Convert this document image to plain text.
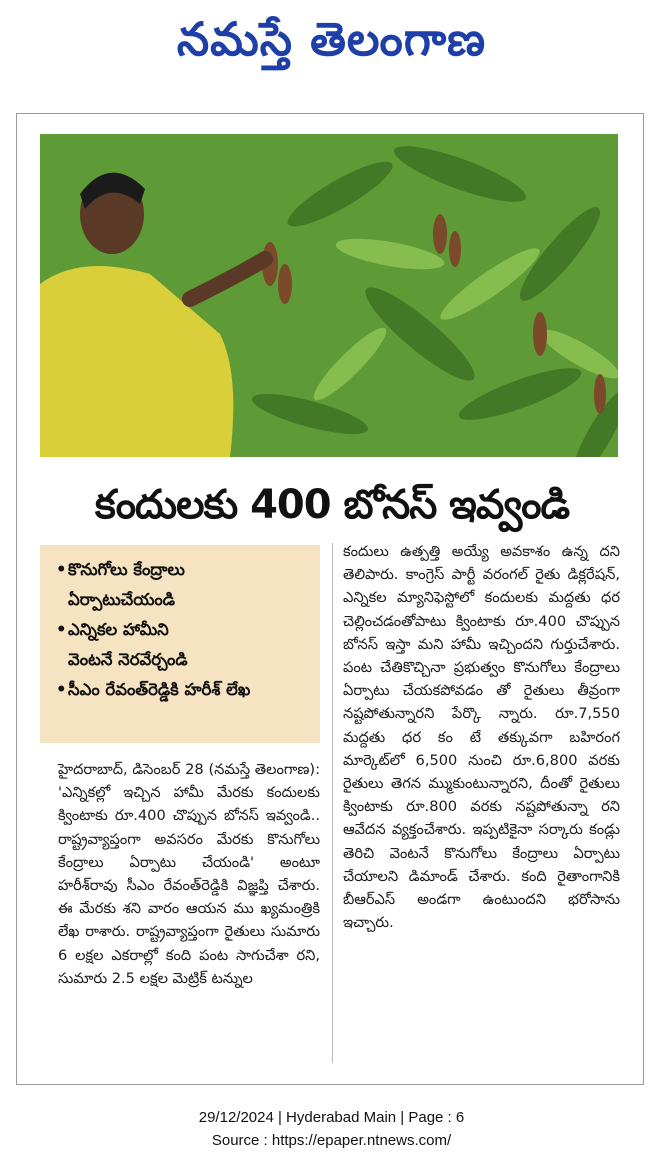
నమస్తే తెలంగాణ
కందులకు 400 బోనస్ ఇవ్వండి
• కొనుగోలు కేంద్రాలు
ఏర్పాటుచేయండి
• ఎన్నికల హామీని
వెంటనే నెరవేర్చండి
• సీఎం రేవంత్‌రెడ్డికి హరీశ్ లేఖ

హైదరాబాద్, డిసెంబర్ 28 (నమస్తే తెలంగాణ): 'ఎన్నికల్లో ఇచ్చిన హామీ మేరకు కందులకు క్వింటాకు రూ.400 చొప్పున బోనస్ ఇవ్వండి.. రాష్ట్రవ్యాప్తంగా అవసరం మేరకు కొనుగోలు కేంద్రాలు ఏర్పాటు చేయండి' అంటూ హరీశ్‌రావు సీఎం రేవంత్‌రెడ్డికి విజ్ఞప్తి చేశారు. ఈ మేరకు శని వారం ఆయన ము ఖ్యమంత్రికి లేఖ రాశారు. రాష్ట్రవ్యాప్తంగా రైతులు సుమారు 6 లక్షల ఎకరాల్లో కంది పంట సాగుచేశా రని, సుమారు 2.5 లక్షల మెట్రిక్ టన్నుల

కందులు ఉత్పత్తి అయ్యే అవకాశం ఉన్న దని తెలిపారు. కాంగ్రెస్ పార్టీ వరంగల్ రైతు డిక్లరేషన్, ఎన్నికల మ్యానిఫెస్టోలో కందులకు మద్దతు ధర చెల్లించడంతోపాటు క్వింటాకు రూ.400 చొప్పున బోనస్ ఇస్తా మని హామీ ఇచ్చిందని గుర్తుచేశారు. పంట చేతికొచ్చినా ప్రభుత్వం కొనుగోలు కేంద్రాలు ఏర్పాటు చేయకపోవడం తో రైతులు తీవ్రంగా నష్టపోతున్నారని పేర్కొ న్నారు. రూ.7,550 మద్దతు ధర కం టే తక్కువగా బహిరంగ మార్కెట్‌లో 6,500 నుంచి రూ.6,800 వరకు రైతులు తెగన మ్ముకుంటున్నారని, దీంతో రైతులు క్వింటాకు రూ.800 వరకు నష్టపోతున్నా రని ఆవేదన వ్యక్తంచేశారు. ఇప్పటికైనా సర్కారు కండ్లు తెరిచి వెంటనే కొనుగోలు కేంద్రాలు ఏర్పాటు చేయాలని డిమాండ్ చేశారు. కంది రైతాంగానికి బీఆర్ఎస్ అండగా ఉంటుందని భరోసాను ఇచ్చారు.

29/12/2024 | Hyderabad Main | Page : 6
Source : https://epaper.ntnews.com/
